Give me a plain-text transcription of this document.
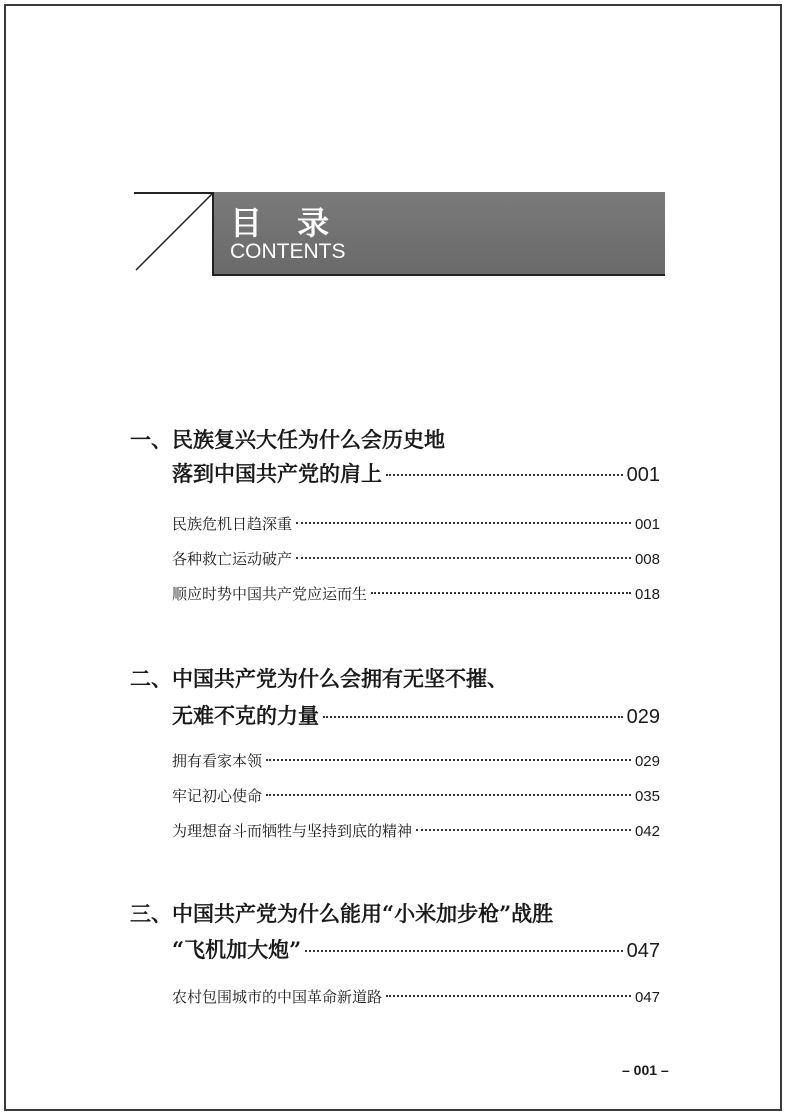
目 录
CONTENTS
一、民族复兴大任为什么会历史地
落到中国共产党的肩上	001
民族危机日趋深重	001
各种救亡运动破产	008
顺应时势中国共产党应运而生	018
二、中国共产党为什么会拥有无坚不摧、
无难不克的力量	029
拥有看家本领	029
牢记初心使命	035
为理想奋斗而牺牲与坚持到底的精神	042
三、中国共产党为什么能用“小米加步枪”战胜
“飞机加大炮”	047
农村包围城市的中国革命新道路	047
– 001 –
